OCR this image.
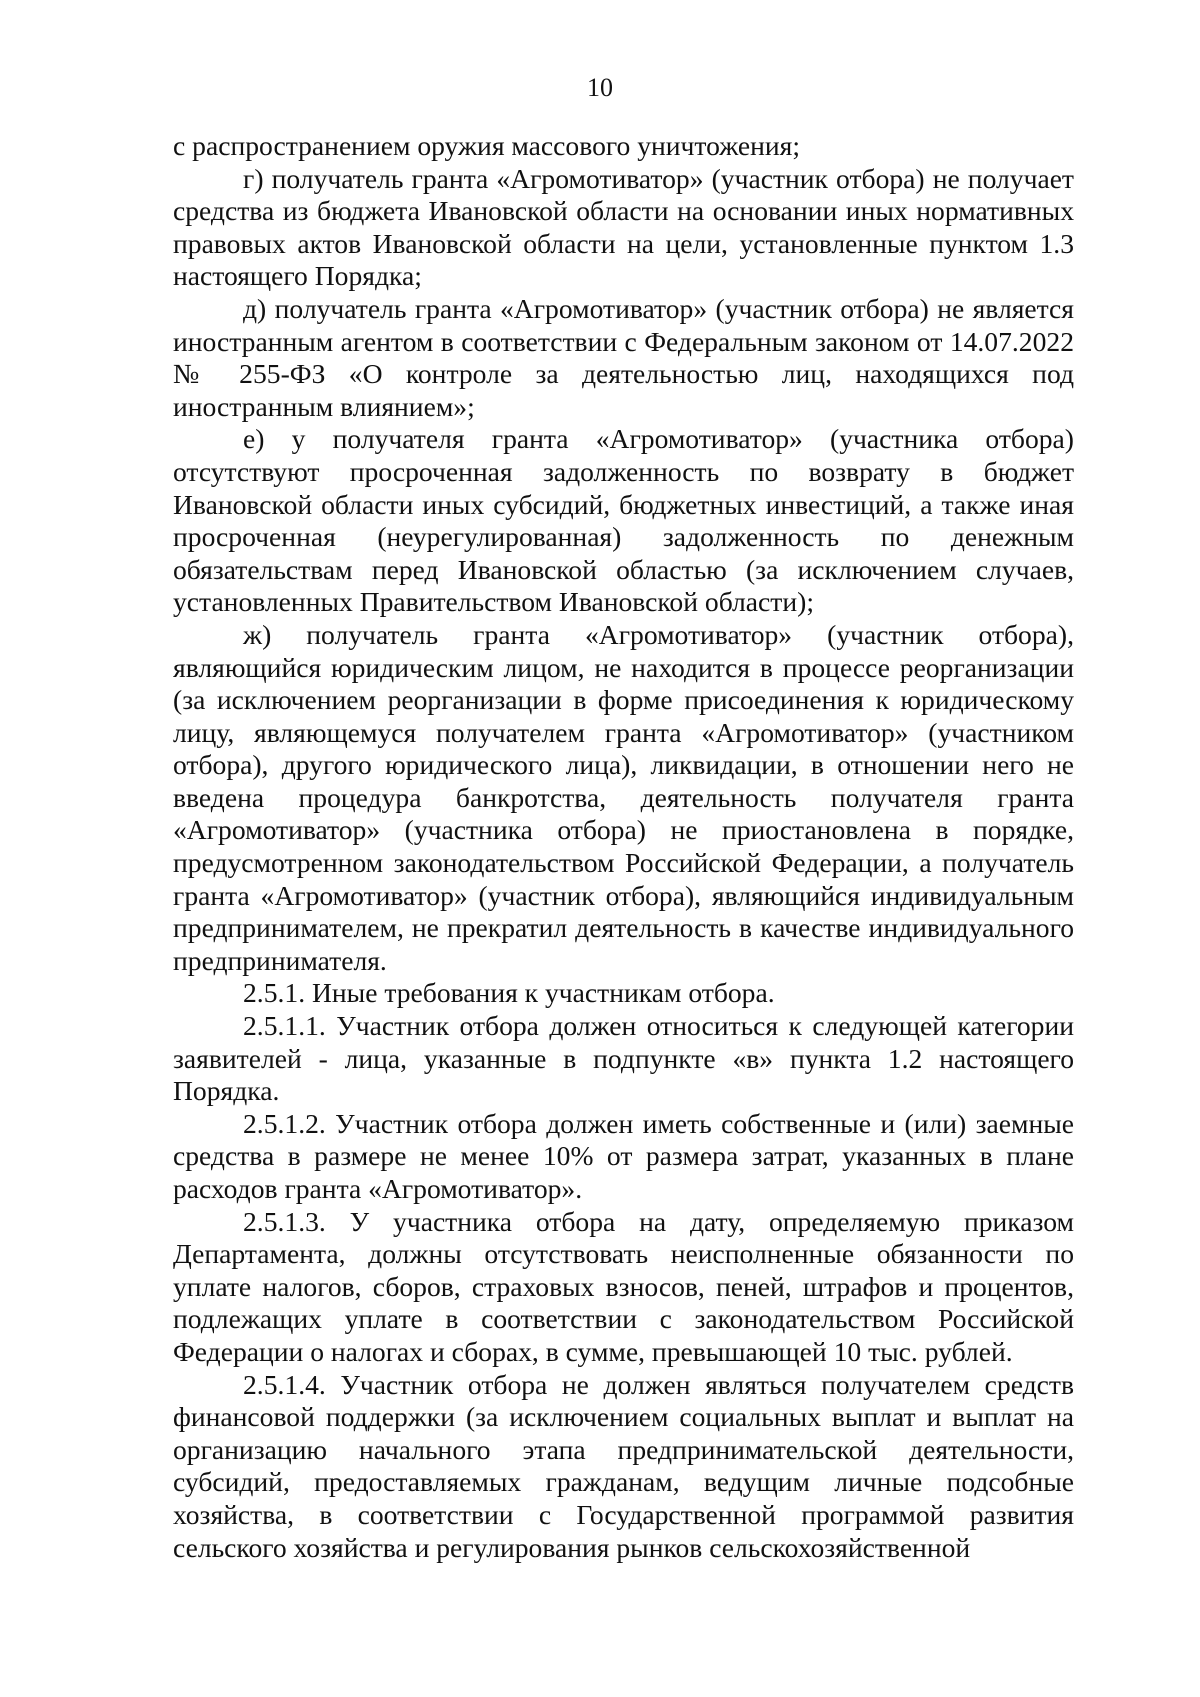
10

с распространением оружия массового уничтожения;

г) получатель гранта «Агромотиватор» (участник отбора) не получает средства из бюджета Ивановской области на основании иных нормативных правовых актов Ивановской области на цели, установленные пунктом 1.3 настоящего Порядка;

д) получатель гранта «Агромотиватор» (участник отбора) не является иностранным агентом в соответствии с Федеральным законом от 14.07.2022 № 255-ФЗ «О контроле за деятельностью лиц, находящихся под иностранным влиянием»;

е) у получателя гранта «Агромотиватор» (участника отбора) отсутствуют просроченная задолженность по возврату в бюджет Ивановской области иных субсидий, бюджетных инвестиций, а также иная просроченная (неурегулированная) задолженность по денежным обязательствам перед Ивановской областью (за исключением случаев, установленных Правительством Ивановской области);

ж) получатель гранта «Агромотиватор» (участник отбора), являющийся юридическим лицом, не находится в процессе реорганизации (за исключением реорганизации в форме присоединения к юридическому лицу, являющемуся получателем гранта «Агромотиватор» (участником отбора), другого юридического лица), ликвидации, в отношении него не введена процедура банкротства, деятельность получателя гранта «Агромотиватор» (участника отбора) не приостановлена в порядке, предусмотренном законодательством Российской Федерации, а получатель гранта «Агромотиватор» (участник отбора), являющийся индивидуальным предпринимателем, не прекратил деятельность в качестве индивидуального предпринимателя.

2.5.1. Иные требования к участникам отбора.

2.5.1.1. Участник отбора должен относиться к следующей категории заявителей - лица, указанные в подпункте «в» пункта 1.2 настоящего Порядка.

2.5.1.2. Участник отбора должен иметь собственные и (или) заемные средства в размере не менее 10% от размера затрат, указанных в плане расходов гранта «Агромотиватор».

2.5.1.3. У участника отбора на дату, определяемую приказом Департамента, должны отсутствовать неисполненные обязанности по уплате налогов, сборов, страховых взносов, пеней, штрафов и процентов, подлежащих уплате в соответствии с законодательством Российской Федерации о налогах и сборах, в сумме, превышающей 10 тыс. рублей.

2.5.1.4. Участник отбора не должен являться получателем средств финансовой поддержки (за исключением социальных выплат и выплат на организацию начального этапа предпринимательской деятельности, субсидий, предоставляемых гражданам, ведущим личные подсобные хозяйства, в соответствии с Государственной программой развития сельского хозяйства и регулирования рынков сельскохозяйственной
